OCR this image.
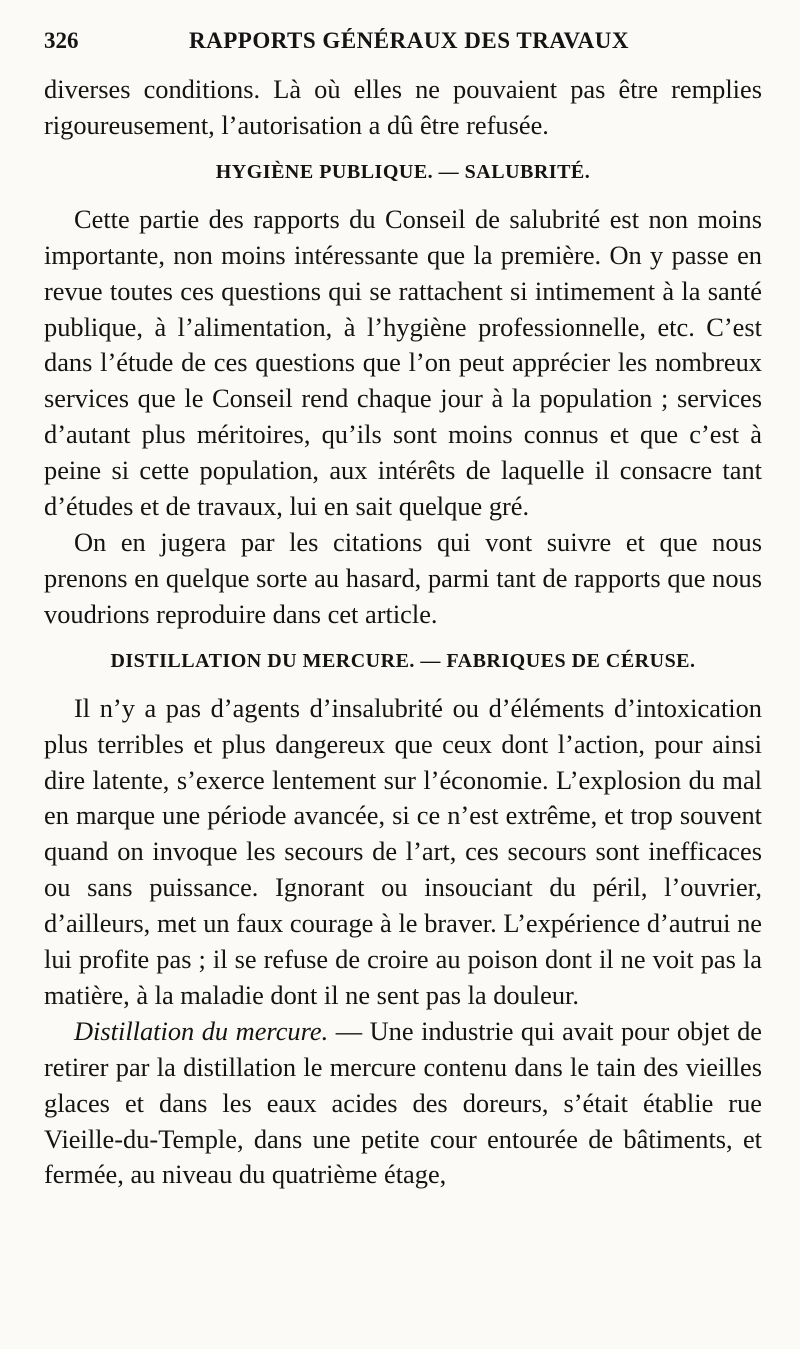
326	RAPPORTS GÉNÉRAUX DES TRAVAUX

diverses conditions. Là où elles ne pouvaient pas être remplies rigoureusement, l’autorisation a dû être refusée.

HYGIÈNE PUBLIQUE. — SALUBRITÉ.

Cette partie des rapports du Conseil de salubrité est non moins importante, non moins intéressante que la première. On y passe en revue toutes ces questions qui se rattachent si intimement à la santé publique, à l’alimentation, à l’hygiène professionnelle, etc. C’est dans l’étude de ces questions que l’on peut apprécier les nombreux services que le Conseil rend chaque jour à la population ; services d’autant plus méritoires, qu’ils sont moins connus et que c’est à peine si cette population, aux intérêts de laquelle il consacre tant d’études et de travaux, lui en sait quelque gré.

On en jugera par les citations qui vont suivre et que nous prenons en quelque sorte au hasard, parmi tant de rapports que nous voudrions reproduire dans cet article.

DISTILLATION DU MERCURE. — FABRIQUES DE CÉRUSE.

Il n’y a pas d’agents d’insalubrité ou d’éléments d’intoxication plus terribles et plus dangereux que ceux dont l’action, pour ainsi dire latente, s’exerce lentement sur l’économie. L’explosion du mal en marque une période avancée, si ce n’est extrême, et trop souvent quand on invoque les secours de l’art, ces secours sont inefficaces ou sans puissance. Ignorant ou insouciant du péril, l’ouvrier, d’ailleurs, met un faux courage à le braver. L’expérience d’autrui ne lui profite pas ; il se refuse de croire au poison dont il ne voit pas la matière, à la maladie dont il ne sent pas la douleur.

Distillation du mercure. — Une industrie qui avait pour objet de retirer par la distillation le mercure contenu dans le tain des vieilles glaces et dans les eaux acides des doreurs, s’était établie rue Vieille-du-Temple, dans une petite cour entourée de bâtiments, et fermée, au niveau du quatrième étage,
